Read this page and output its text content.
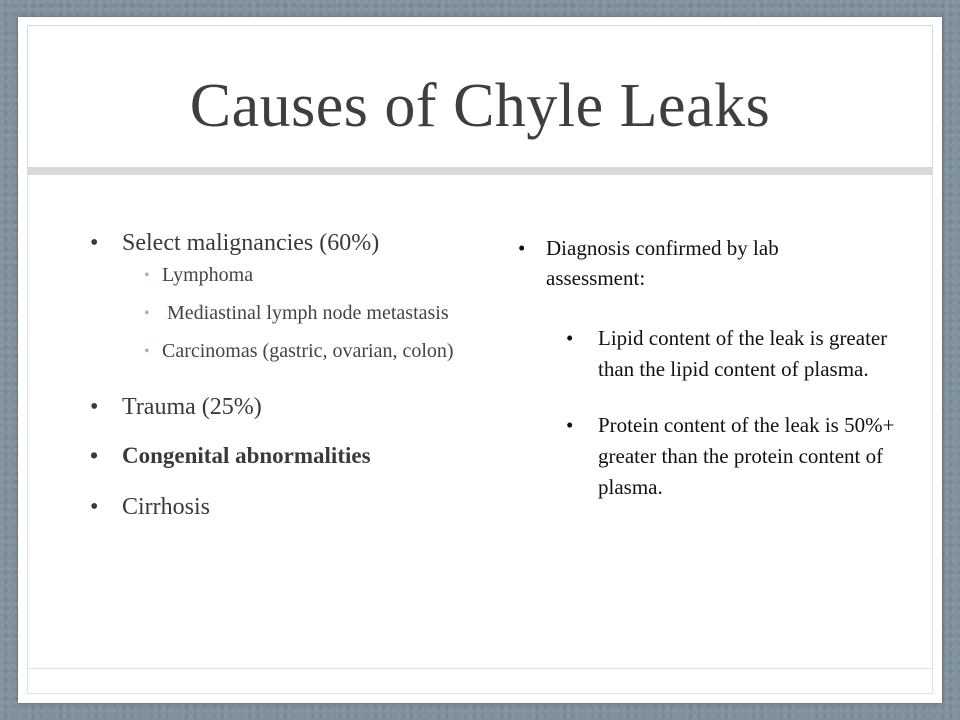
Causes of Chyle Leaks
• Select malignancies (60%)
• Lymphoma
•  Mediastinal lymph node metastasis
• Carcinomas (gastric, ovarian, colon)
• Trauma (25%)
• Congenital abnormalities
• Cirrhosis
• Diagnosis confirmed by lab assessment:
• Lipid content of the leak is greater than the lipid content of plasma.
• Protein content of the leak is 50%+ greater than the protein content of plasma.
